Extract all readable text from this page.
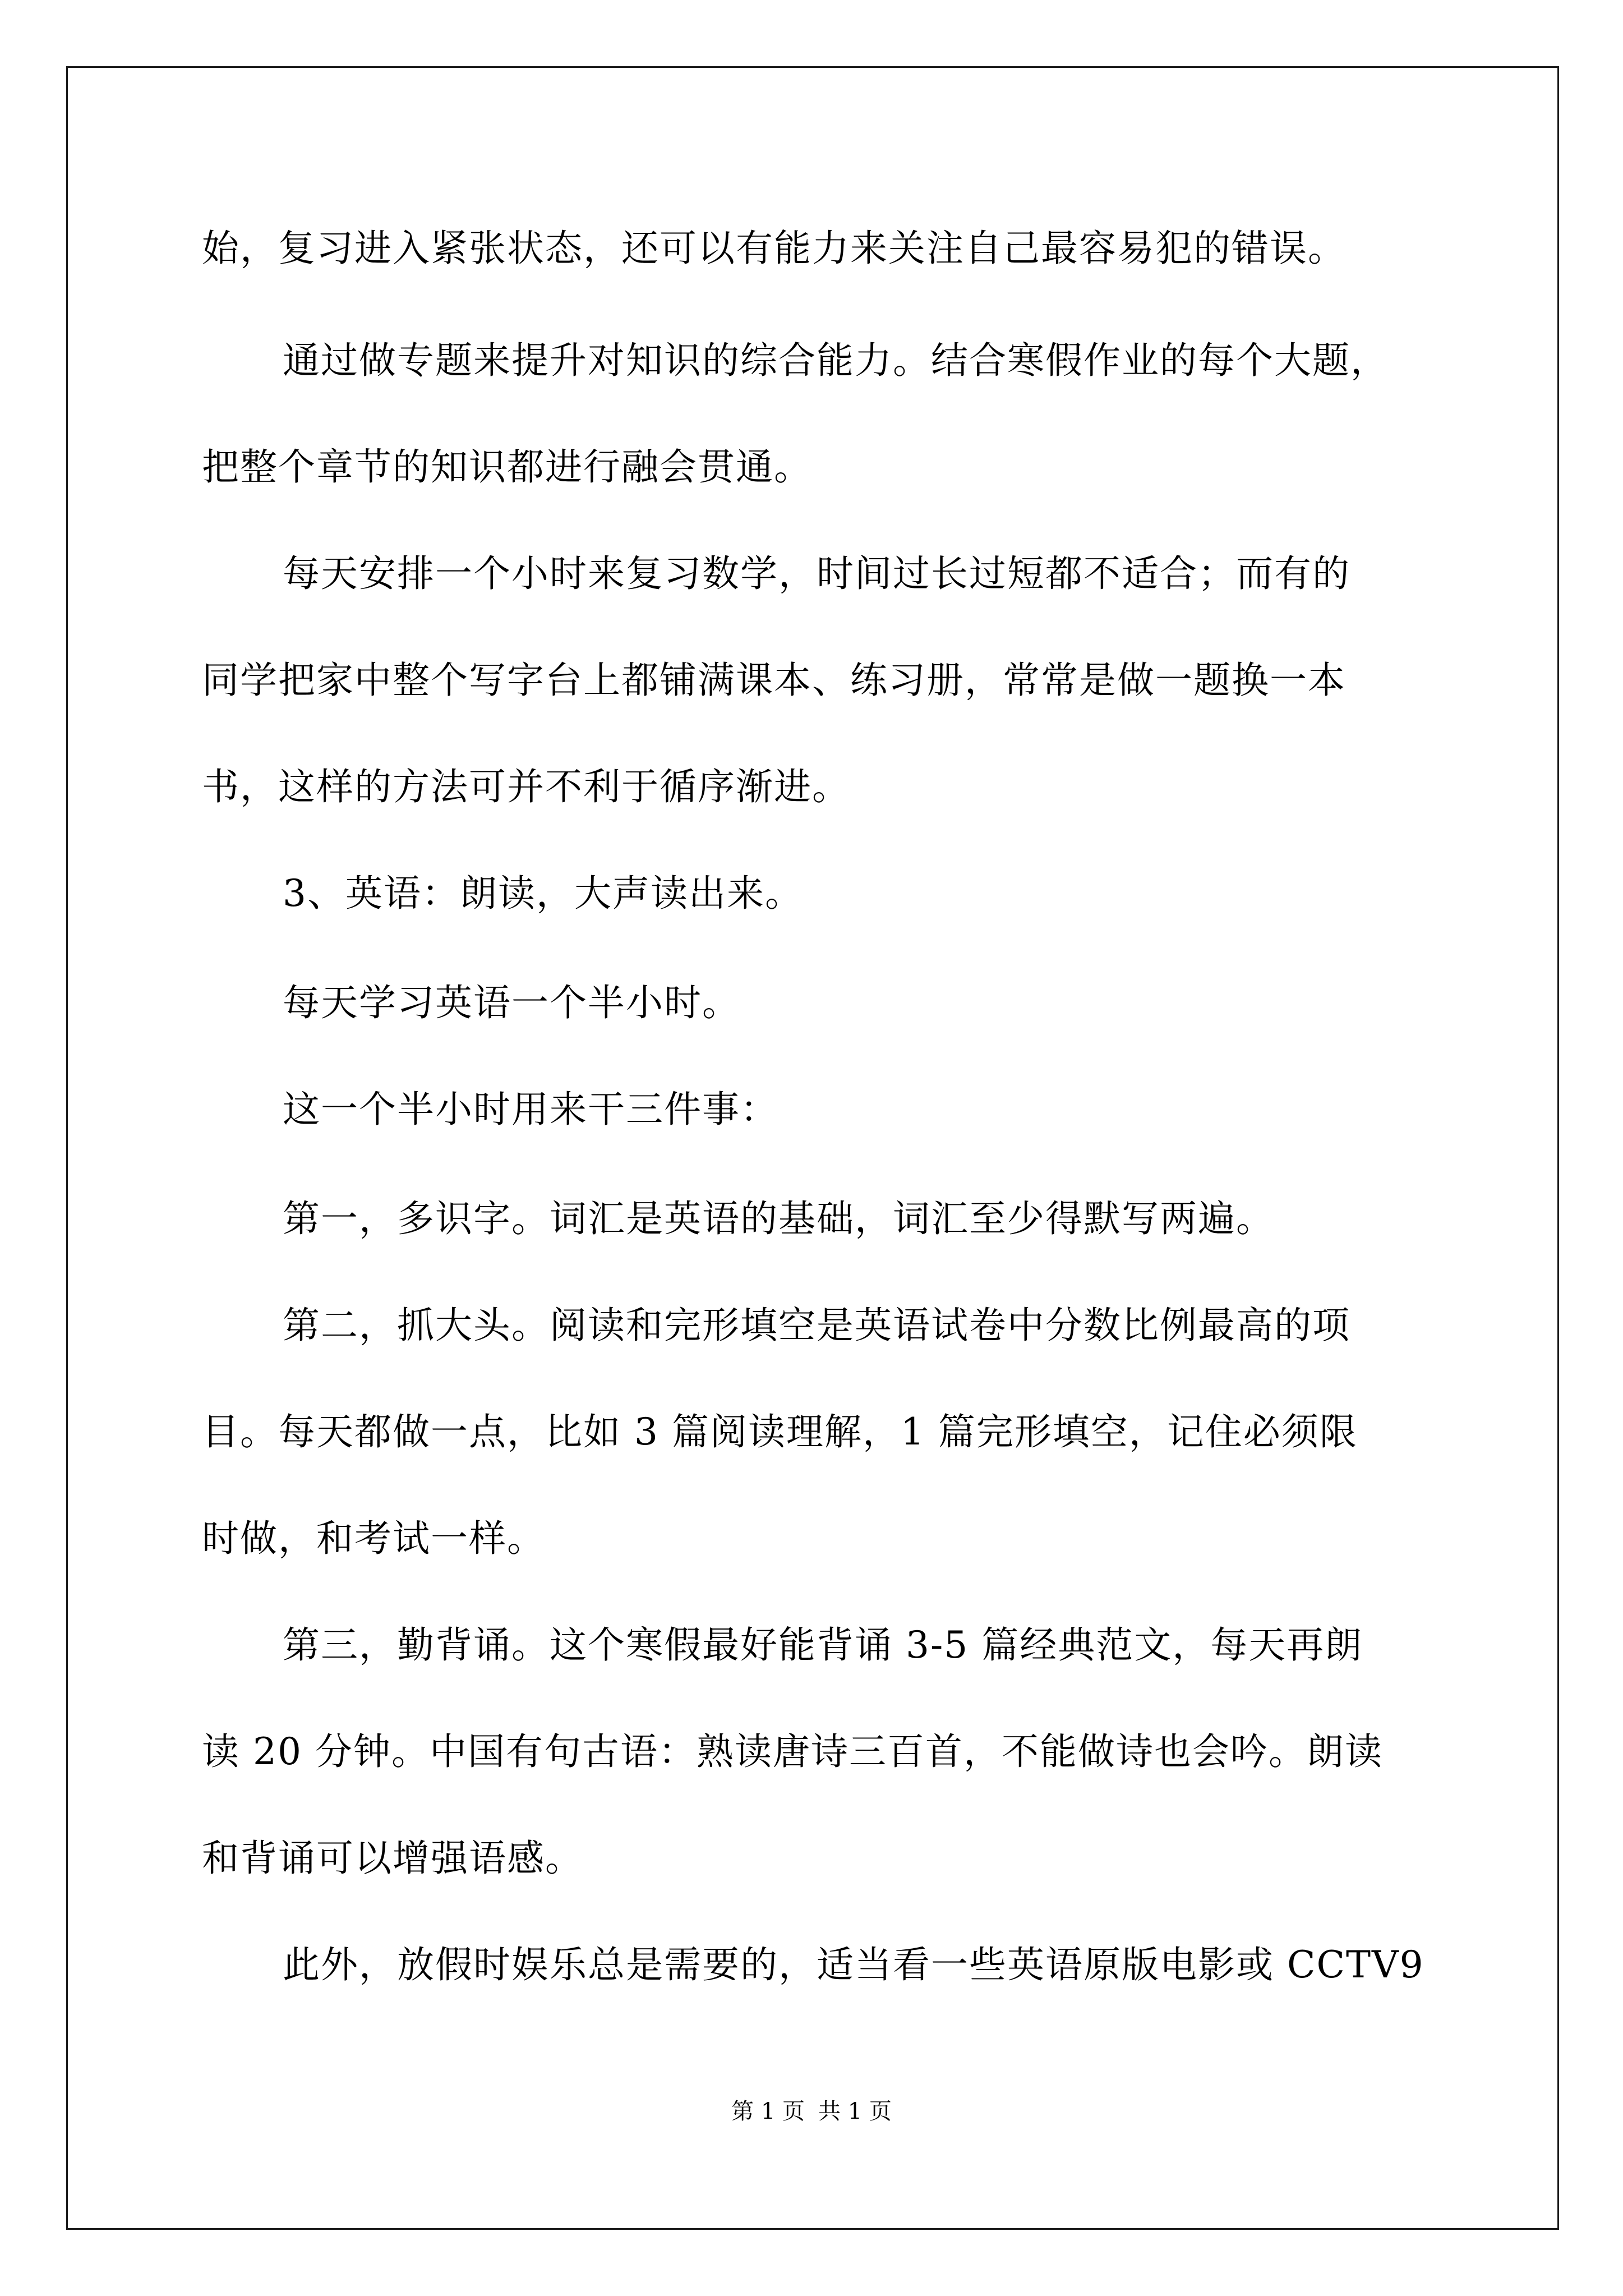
始，复习进入紧张状态，还可以有能力来关注自己最容易犯的错误。
通过做专题来提升对知识的综合能力。结合寒假作业的每个大题，
把整个章节的知识都进行融会贯通。
每天安排一个小时来复习数学，时间过长过短都不适合；而有的
同学把家中整个写字台上都铺满课本、练习册，常常是做一题换一本
书，这样的方法可并不利于循序渐进。
3、英语：朗读，大声读出来。
每天学习英语一个半小时。
这一个半小时用来干三件事：
第一，多识字。词汇是英语的基础，词汇至少得默写两遍。
第二，抓大头。阅读和完形填空是英语试卷中分数比例最高的项
目。每天都做一点，比如 3 篇阅读理解，1 篇完形填空，记住必须限
时做，和考试一样。
第三，勤背诵。这个寒假最好能背诵 3-5 篇经典范文，每天再朗
读 20 分钟。中国有句古语：熟读唐诗三百首，不能做诗也会吟。朗读
和背诵可以增强语感。
此外，放假时娱乐总是需要的，适当看一些英语原版电影或 CCTV9
第 1 页 共 1 页
